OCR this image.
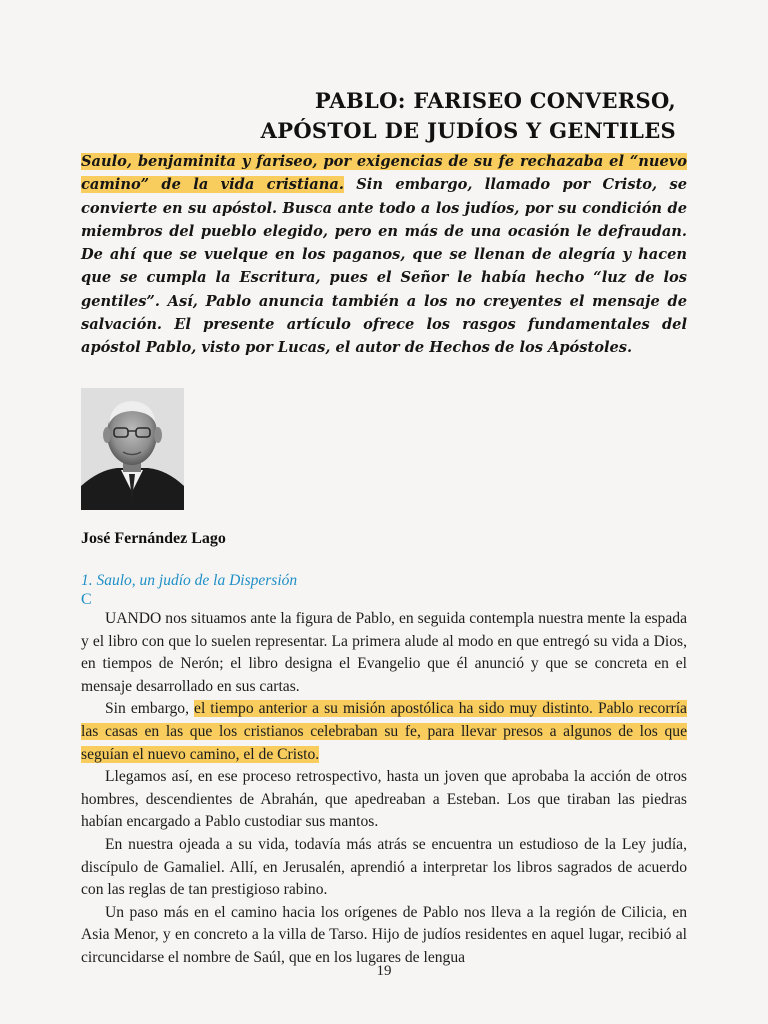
PABLO: FARISEO CONVERSO,
APÓSTOL DE JUDÍOS Y GENTILES
Saulo, benjaminita y fariseo, por exigencias de su fe rechazaba el “nuevo camino” de la vida cristiana. Sin embargo, llamado por Cristo, se convierte en su apóstol. Busca ante todo a los judíos, por su condición de miembros del pueblo elegido, pero en más de una ocasión le defraudan. De ahí que se vuelque en los paganos, que se llenan de alegría y hacen que se cumpla la Escritura, pues el Señor le había hecho “luz de los gentiles”. Así, Pablo anuncia también a los no creyentes el mensaje de salvación. El presente artículo ofrece los rasgos fundamentales del apóstol Pablo, visto por Lucas, el autor de Hechos de los Apóstoles.
José Fernández Lago
1. Saulo, un judío de la Dispersión
C

UANDO nos situamos ante la figura de Pablo, en seguida contempla nuestra mente la espada y el libro con que lo suelen representar. La primera alude al modo en que entregó su vida a Dios, en tiempos de Nerón; el libro designa el Evangelio que él anunció y que se concreta en el mensaje desarrollado en sus cartas.

Sin embargo, el tiempo anterior a su misión apostólica ha sido muy distinto. Pablo recorría las casas en las que los cristianos celebraban su fe, para llevar presos a algunos de los que seguían el nuevo camino, el de Cristo.

Llegamos así, en ese proceso retrospectivo, hasta un joven que aprobaba la acción de otros hombres, descendientes de Abrahán, que apedreaban a Esteban. Los que tiraban las piedras habían encargado a Pablo custodiar sus mantos.

En nuestra ojeada a su vida, todavía más atrás se encuentra un estudioso de la Ley judía, discípulo de Gamaliel. Allí, en Jerusalén, aprendió a interpretar los libros sagrados de acuerdo con las reglas de tan prestigioso rabino.

Un paso más en el camino hacia los orígenes de Pablo nos lleva a la región de Cilicia, en Asia Menor, y en concreto a la villa de Tarso. Hijo de judíos residentes en aquel lugar, recibió al circuncidarse el nombre de Saúl, que en los lugares de lengua

19
